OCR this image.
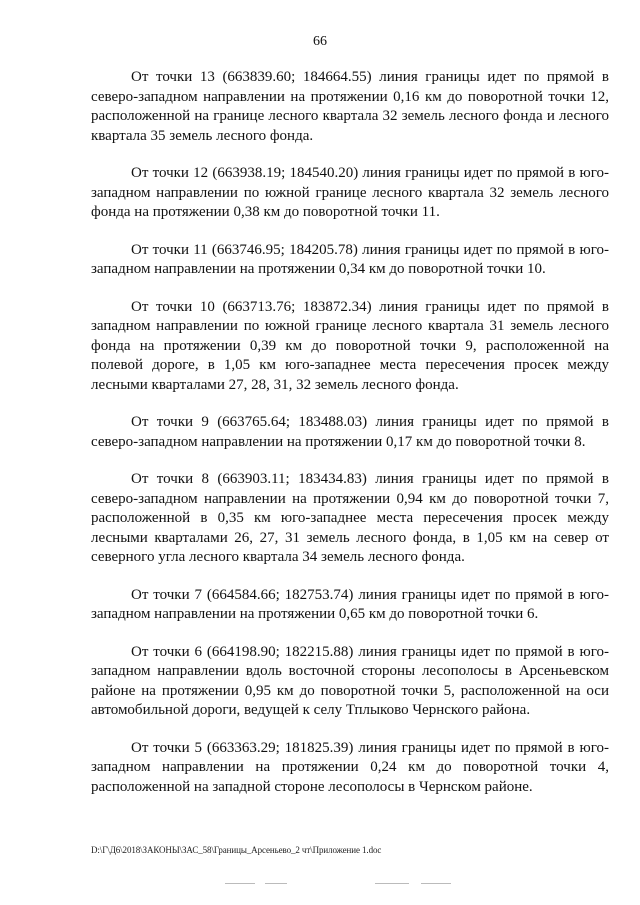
66

От точки 13 (663839.60; 184664.55) линия границы идет по прямой в северо-западном направлении на протяжении 0,16 км до поворотной точки 12, расположенной на границе лесного квартала 32 земель лесного фонда и лесного квартала 35 земель лесного фонда.

От точки 12 (663938.19; 184540.20) линия границы идет по прямой в юго-западном направлении по южной границе лесного квартала 32 земель лесного фонда на протяжении 0,38 км до поворотной точки 11.

От точки 11 (663746.95; 184205.78) линия границы идет по прямой в юго-западном направлении на протяжении 0,34 км до поворотной точки 10.

От точки 10 (663713.76; 183872.34) линия границы идет по прямой в западном направлении по южной границе лесного квартала 31 земель лесного фонда на протяжении 0,39 км до поворотной точки 9, расположенной на полевой дороге, в 1,05 км юго-западнее места пересечения просек между лесными кварталами 27, 28, 31, 32 земель лесного фонда.

От точки 9 (663765.64; 183488.03) линия границы идет по прямой в северо-западном направлении на протяжении 0,17 км до поворотной точки 8.

От точки 8 (663903.11; 183434.83) линия границы идет по прямой в северо-западном направлении на протяжении 0,94 км до поворотной точки 7, расположенной в 0,35 км юго-западнее места пересечения просек между лесными кварталами 26, 27, 31 земель лесного фонда, в 1,05 км на север от северного угла лесного квартала 34 земель лесного фонда.

От точки 7 (664584.66; 182753.74) линия границы идет по прямой в юго-западном направлении на протяжении 0,65 км до поворотной точки 6.

От точки 6 (664198.90; 182215.88) линия границы идет по прямой в юго-западном направлении вдоль восточной стороны лесополосы в Арсеньевском районе на протяжении 0,95 км до поворотной точки 5, расположенной на оси автомобильной дороги, ведущей к селу Тплыково Чернского района.

От точки 5 (663363.29; 181825.39) линия границы идет по прямой в юго-западном направлении на протяжении 0,24 км до поворотной точки 4, расположенной на западной стороне лесополосы в Чернском районе.

D:\Г\Д6\2018\ЗАКОНЫ\ЗАС_58\Границы_Арсеньево_2 чт\Приложение 1.doc
